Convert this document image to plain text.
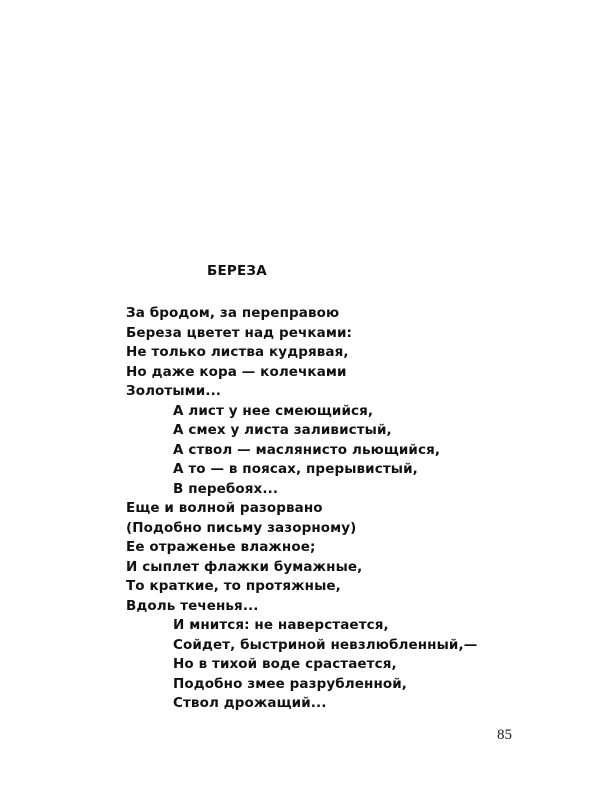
БЕРЕЗА
За бродом, за переправою
Береза цветет над речками:
Не только листва кудрявая,
Но даже кора — колечками
Золотыми...
А лист у нее смеющийся,
А смех у листа заливистый,
А ствол — маслянисто льющийся,
А то — в поясах, прерывистый,
В перебоях...
Еще и волной разорвано
(Подобно письму зазорному)
Ее отраженье влажное;
И сыплет флажки бумажные,
То краткие, то протяжные,
Вдоль теченья...
И мнится: не наверстается,
Сойдет, быстриной невзлюбленный,—
Но в тихой воде срастается,
Подобно змее разрубленной,
Ствол дрожащий...
85
